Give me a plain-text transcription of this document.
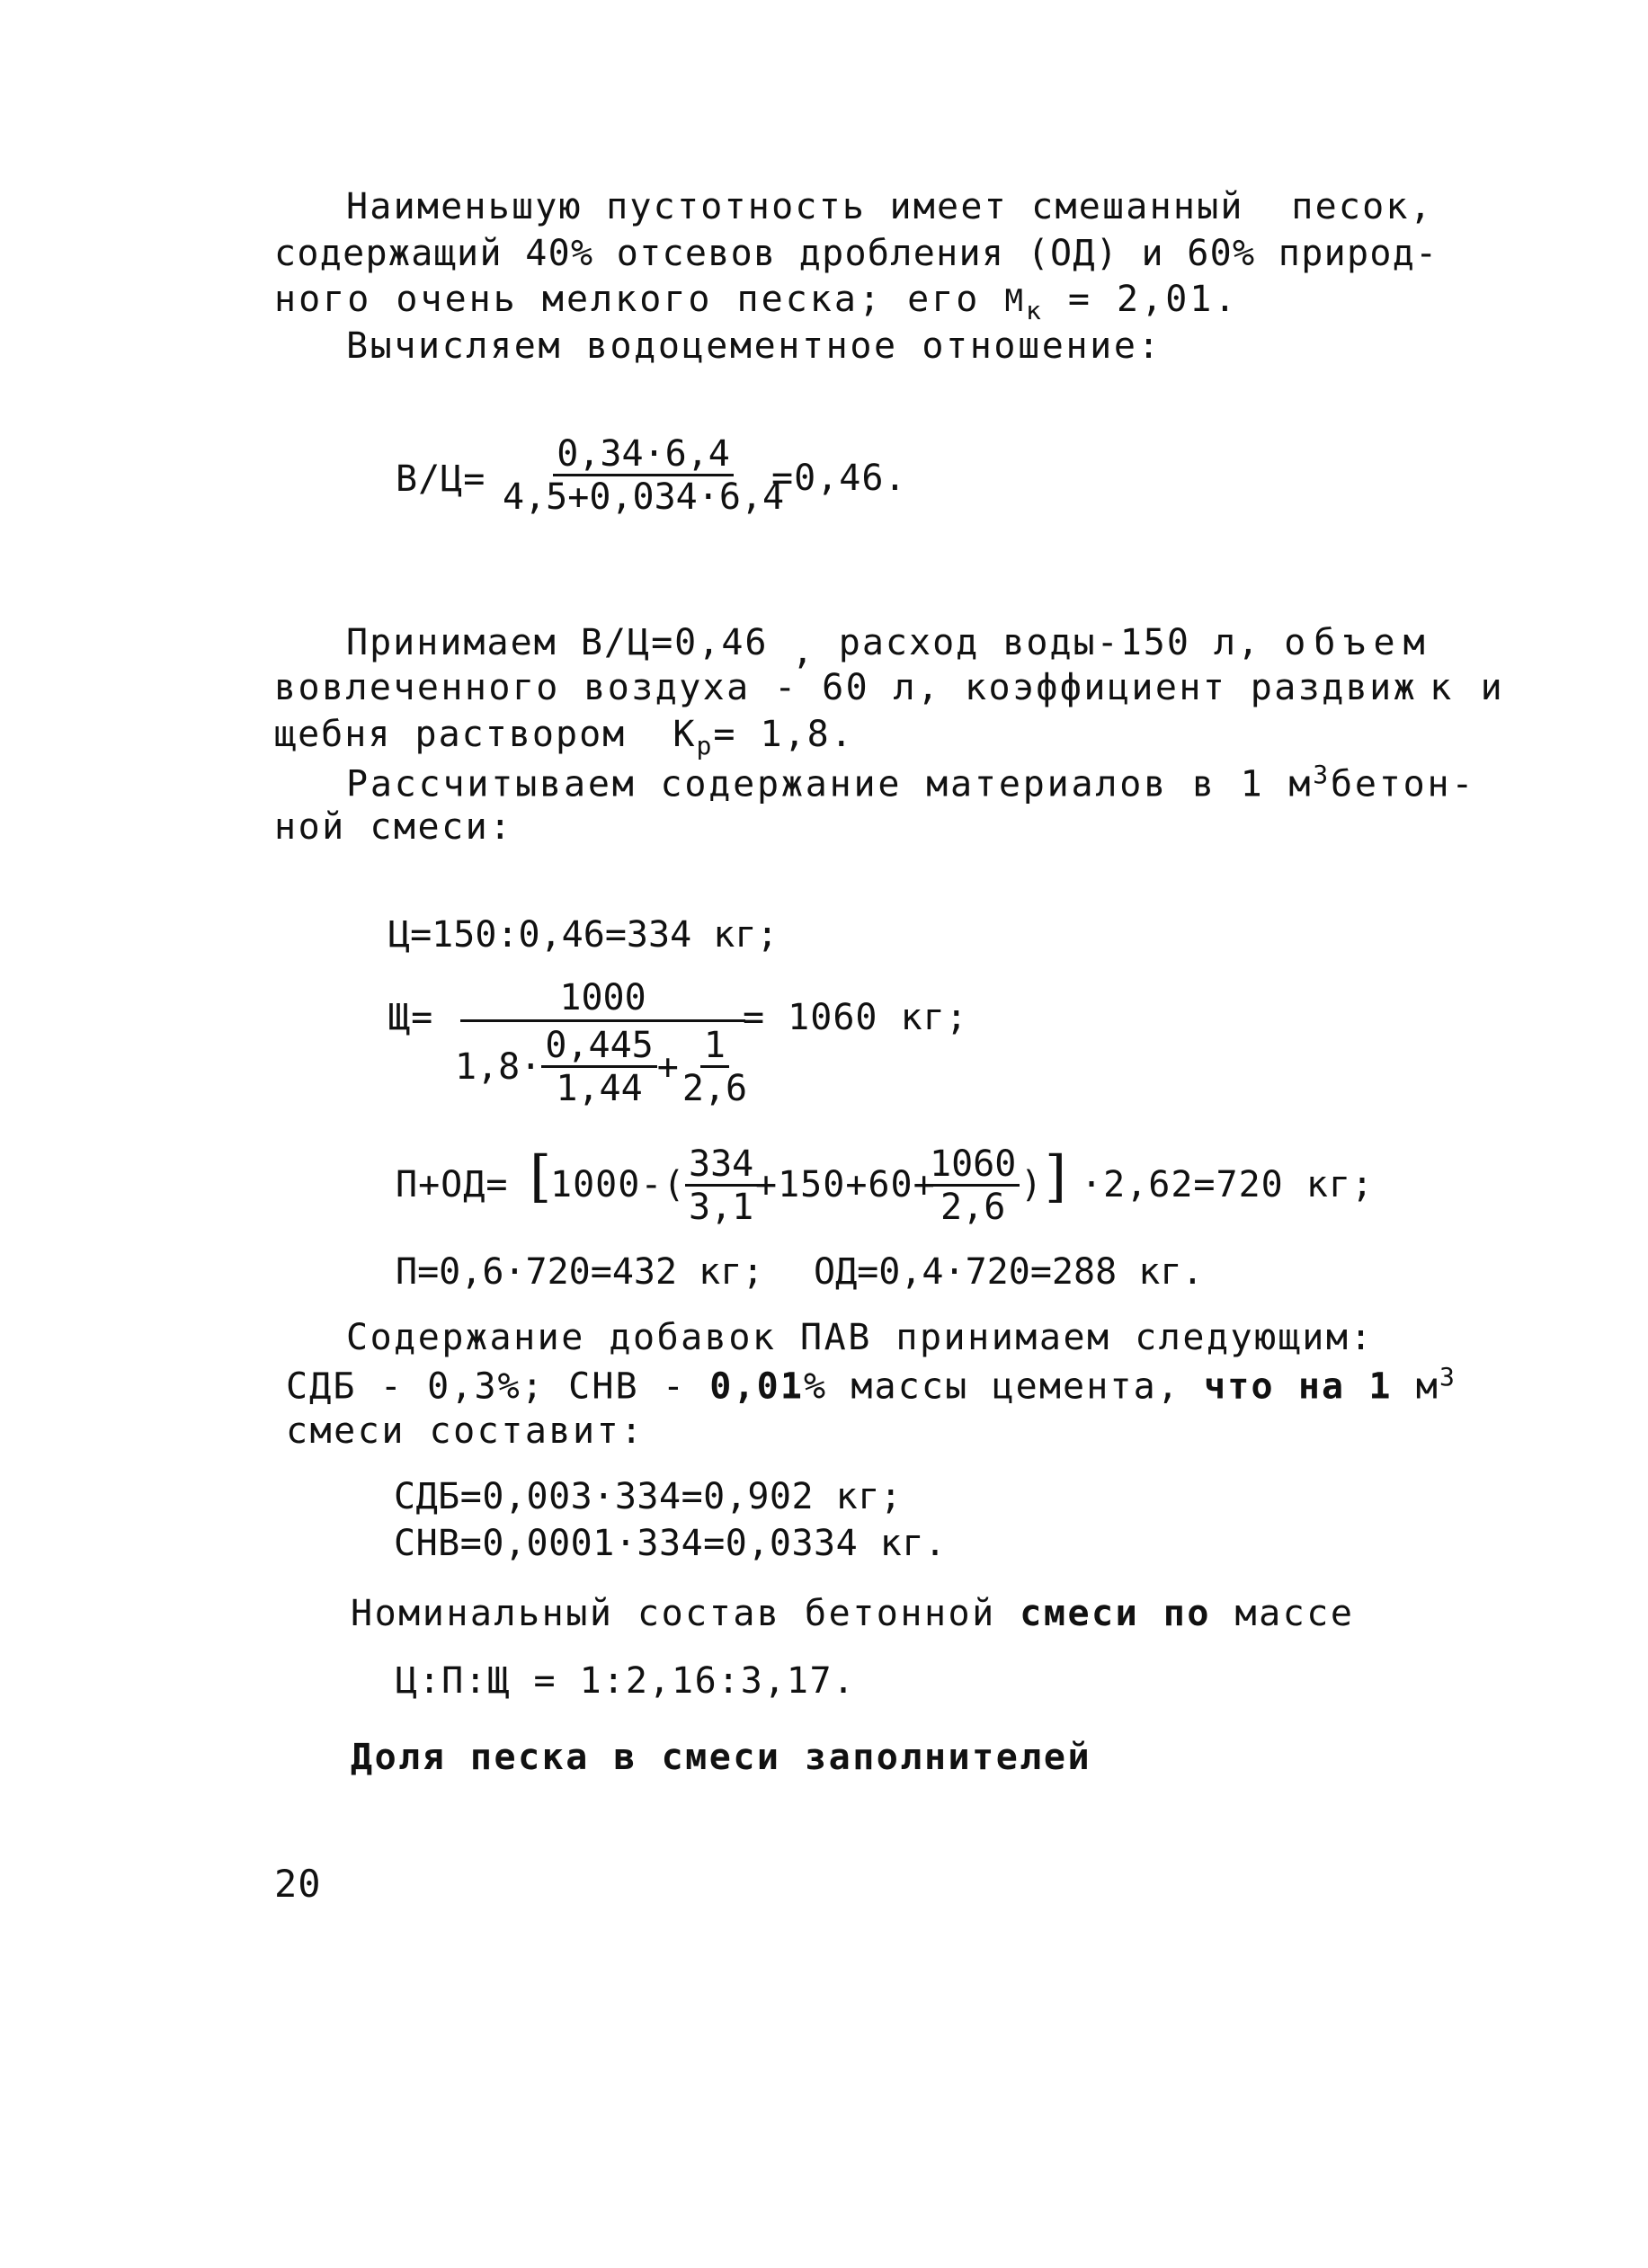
Наименьшую пустотность имеет смешанный  песок,
содержащий 40% отсевов дробления (ОД) и 60% природ-
ного очень мелкого песка; его $М_к = 2,01$.
Вычисляем водоцементное отношение:
$В/Ц= \frac{0,34\cdot 6,4}{4,5+0,034\cdot 6,4}$
=0,46.
Принимаем В/Ц=0,46 , расход воды-150 л, объем
вовлеченного воздуха - 60 л, коэффициент раздвиж к и
щебня раствором  $К_р= 1,8$.
Рассчитываем содержание материалов в 1 $м^3бетон-$
ной смеси:
Ц=150:0,46=334 кг;
Щ=	1000
$1,8\cdot \frac{0,445}{1,44} + \frac{1}{2,6}$
= 1060 кг;
П+ОД= [
$1000-( \frac{334}{3,1}$
+150+60+
$\frac{1060}{2,6}$ ) ] ·2,62=720 кг;
П=0,6·720=432 кг; ОД=0,4·720=288 кг.
Содержание добавок ПАВ принимаем следующим:
СДБ - 0,3%; СНВ - 0,01% массы цемента, что на 1 $м^3$
смеси составит:
СДБ=0,003·334=0,902 кг;
СНВ=0,0001·334=0,0334 кг.
Номинальный состав бетонной смеси по массе
Ц:П:Щ = 1:2,16:3,17.
Доля песка в смеси заполнителей
20
